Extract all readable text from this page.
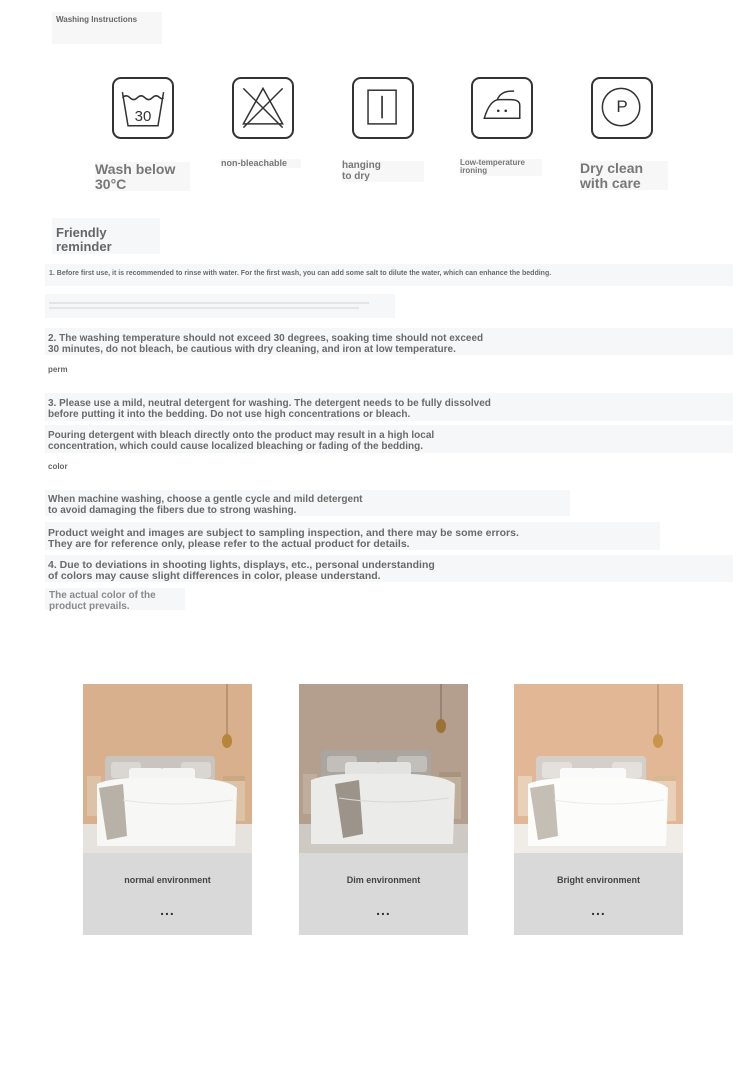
Washing Instructions
30
P
Wash below
30°C
non-bleachable	hanging
to dry
Low-temperature
ironing	Dry clean
with care
Friendly
reminder
1. Before first use, it is recommended to rinse with water. For the first wash, you can add some salt to dilute the water, which can enhance the bedding.

2. The washing temperature should not exceed 30 degrees, soaking time should not exceed
30 minutes, do not bleach, be cautious with dry cleaning, and iron at low temperature.
perm
3. Please use a mild, neutral detergent for washing. The detergent needs to be fully dissolved
before putting it into the bedding. Do not use high concentrations or bleach.
Pouring detergent with bleach directly onto the product may result in a high local
concentration, which could cause localized bleaching or fading of the bedding.
color
When machine washing, choose a gentle cycle and mild detergent
to avoid damaging the fibers due to strong washing.
Product weight and images are subject to sampling inspection, and there may be some errors.
They are for reference only, please refer to the actual product for details.
4. Due to deviations in shooting lights, displays, etc., personal understanding
of colors may cause slight differences in color, please understand.
The actual color of the
product prevails.
normal environment
...
Dim environment
...
Bright environment
...
